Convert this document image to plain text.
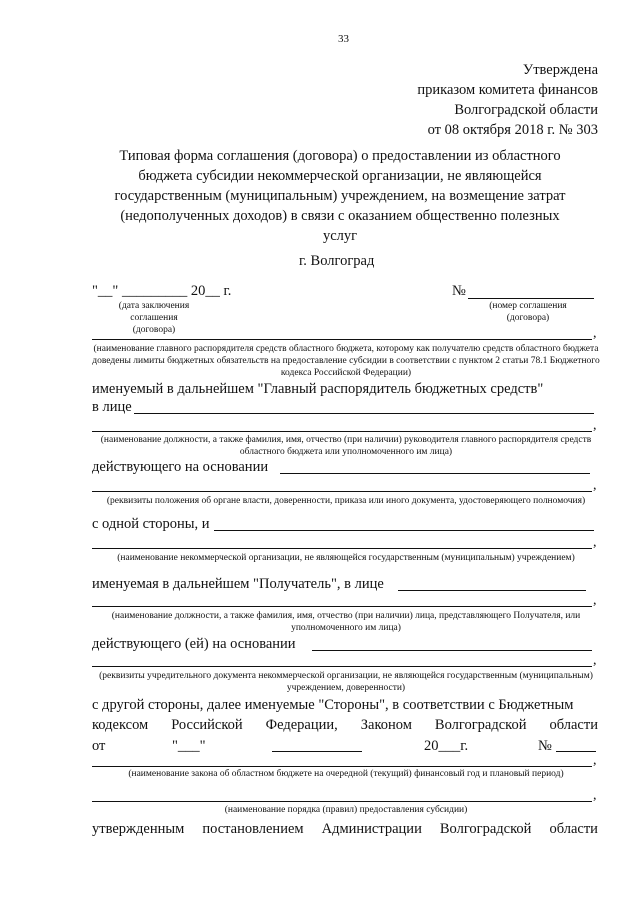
33
Утверждена
приказом комитета финансов
Волгоградской области
от 08 октября 2018 г. № 303
Типовая форма соглашения (договора) о предоставлении из областного
бюджета субсидии некоммерческой организации, не являющейся
государственным (муниципальным) учреждением, на возмещение затрат
(недополученных доходов) в связи с оказанием общественно полезных
услуг
г. Волгоград
"__" _________ 20__ г.	№
(дата заключения соглашения (договора)
(номер соглашения (договора)
,
(наименование главного распорядителя средств областного бюджета, которому как получателю средств областного бюджета доведены лимиты бюджетных обязательств на предоставление субсидии в соответствии с пунктом 2 статьи 78.1 Бюджетного кодекса Российской Федерации)
именуемый в дальнейшем "Главный распорядитель бюджетных средств"
в лице
,
(наименование должности, а также фамилия, имя, отчество (при наличии) руководителя главного распорядителя средств областного бюджета или уполномоченного им лица)
действующего на основании
,
(реквизиты положения об органе власти, доверенности, приказа или иного документа, удостоверяющего полномочия)
с одной стороны, и
,
(наименование некоммерческой организации, не являющейся государственным (муниципальным) учреждением)
именуемая в дальнейшем "Получатель", в лице
,
(наименование должности, а также фамилия, имя, отчество (при наличии) лица, представляющего Получателя, или уполномоченного им лица)
действующего (ей) на основании
,
(реквизиты учредительного документа некоммерческой организации, не являющейся государственным (муниципальным) учреждением, доверенности)
с другой стороны, далее именуемые "Стороны", в соответствии с Бюджетным
кодексом Российской Федерации, Законом Волгоградской области
от	"___"	20___г.	№
,
(наименование закона об областном бюджете на очередной (текущий) финансовый год и плановый период)
,
(наименование порядка (правил) предоставления субсидии)
утвержденным постановлением Администрации Волгоградской области
